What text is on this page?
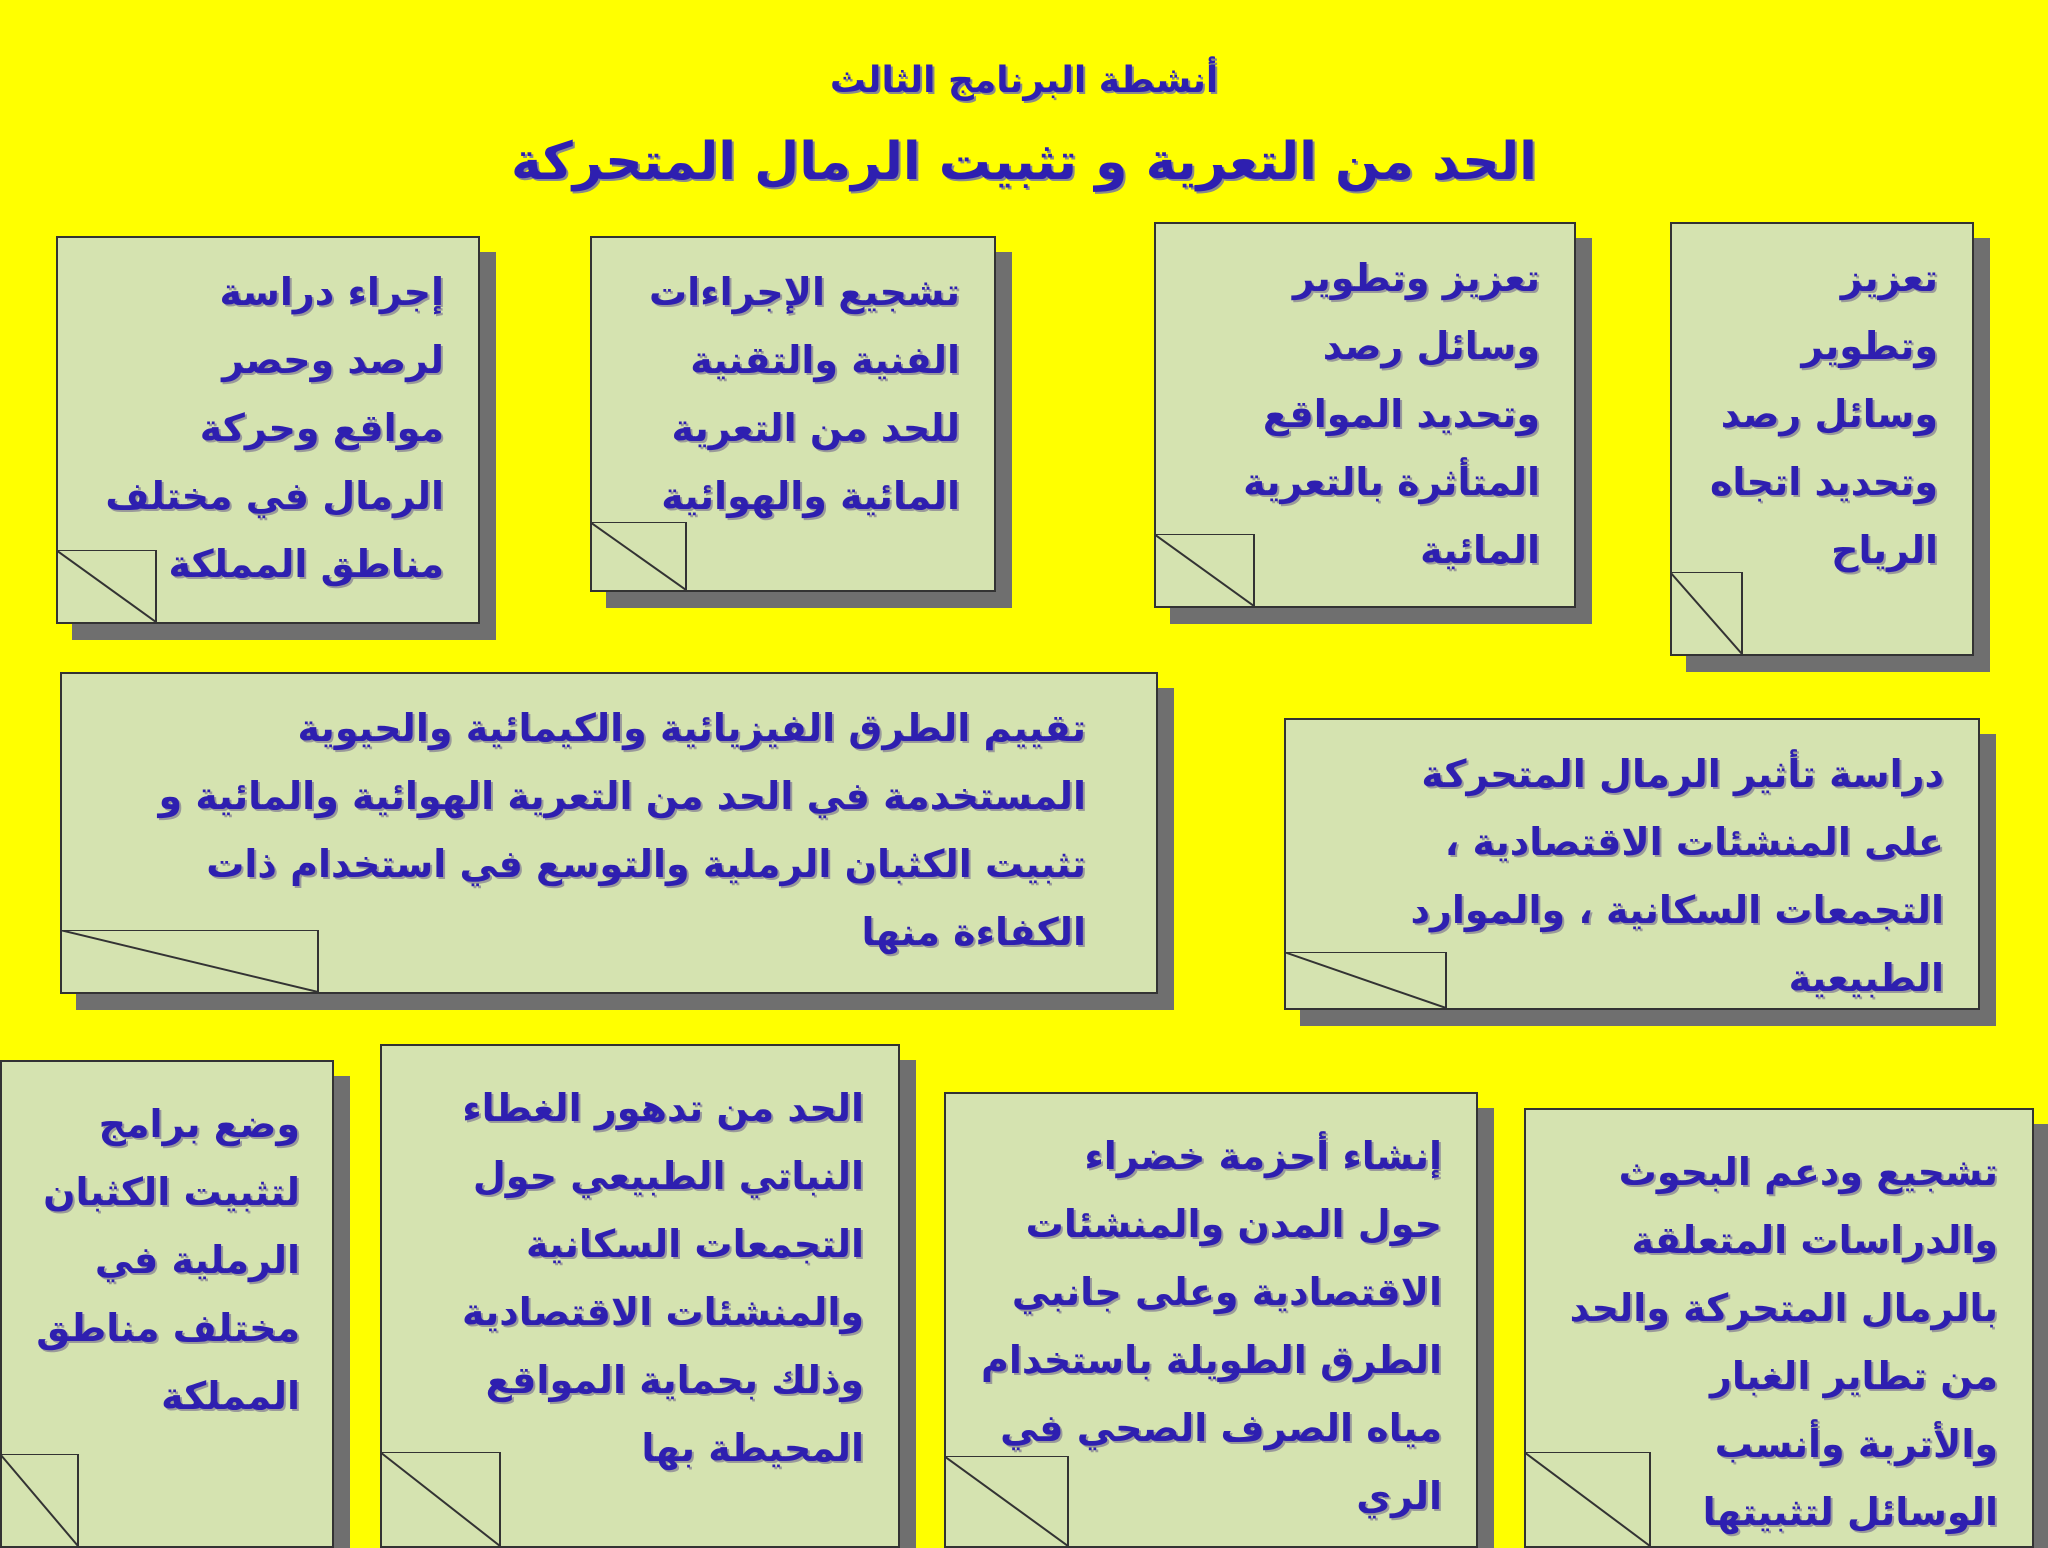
أنشطة البرنامج الثالث
الحد من التعرية و تثبيت الرمال المتحركة
تعزيز
وتطوير
وسائل رصد
وتحديد اتجاه
الرياح
تعزيز وتطوير
وسائل رصد
وتحديد المواقع
المتأثرة بالتعرية
المائية
تشجيع الإجراءات
الفنية والتقنية
للحد من التعرية
المائية والهوائية
إجراء دراسة
لرصد وحصر
مواقع وحركة
الرمال في مختلف
مناطق المملكة
دراسة تأثير الرمال المتحركة
على المنشئات الاقتصادية ،
التجمعات السكانية ، والموارد
الطبيعية
تقييم الطرق الفيزيائية والكيمائية والحيوية
المستخدمة في الحد من التعرية الهوائية والمائية و
تثبيت الكثبان الرملية والتوسع في استخدام ذات
الكفاءة منها
تشجيع ودعم البحوث
والدراسات المتعلقة
بالرمال المتحركة والحد
من تطاير الغبار
والأتربة وأنسب
الوسائل لتثبيتها
إنشاء أحزمة خضراء
حول المدن والمنشئات
الاقتصادية وعلى جانبي
الطرق الطويلة باستخدام
مياه الصرف الصحي في
الري
الحد من تدهور الغطاء
النباتي الطبيعي حول
التجمعات السكانية
والمنشئات الاقتصادية
وذلك بحماية المواقع
المحيطة بها
وضع برامج
لتثبيت الكثبان
الرملية في
مختلف مناطق
المملكة
